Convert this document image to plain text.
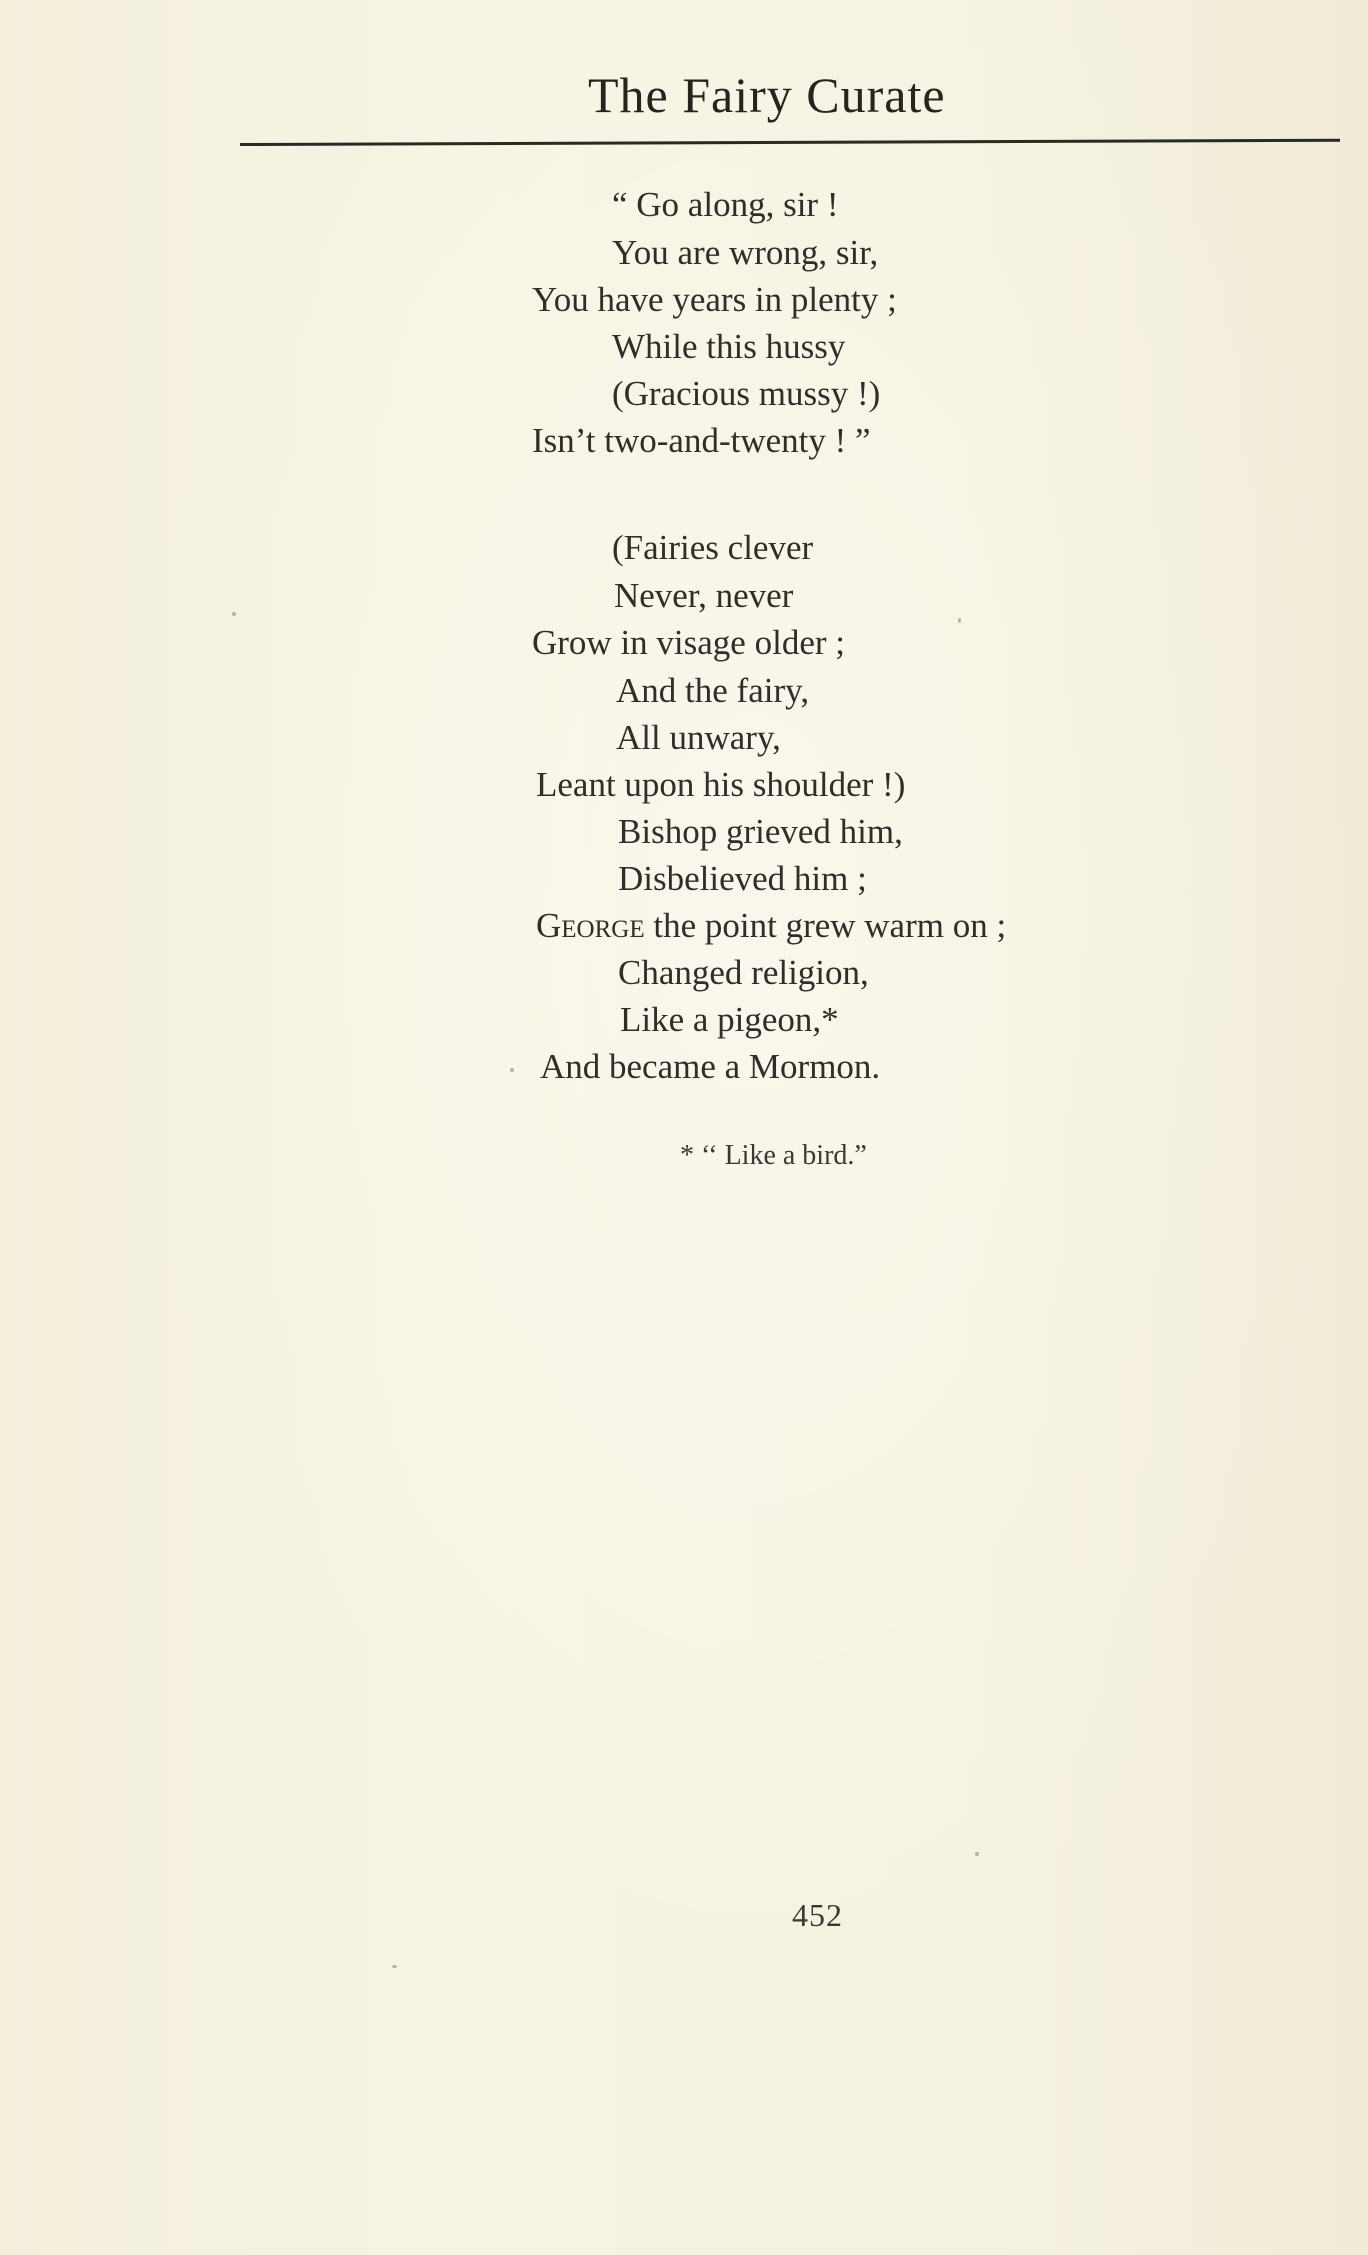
The Fairy Curate
“ Go along, sir !
You are wrong, sir,
You have years in plenty ;
While this hussy
(Gracious mussy !)
Isn’t two-and-twenty ! ”
(Fairies clever
Never, never
Grow in visage older ;
And the fairy,
All unwary,
Leant upon his shoulder !)
Bishop grieved him,
Disbelieved him ;
George the point grew warm on ;
Changed religion,
Like a pigeon,*
And became a Mormon.
* ‘‘ Like a bird.”
452
